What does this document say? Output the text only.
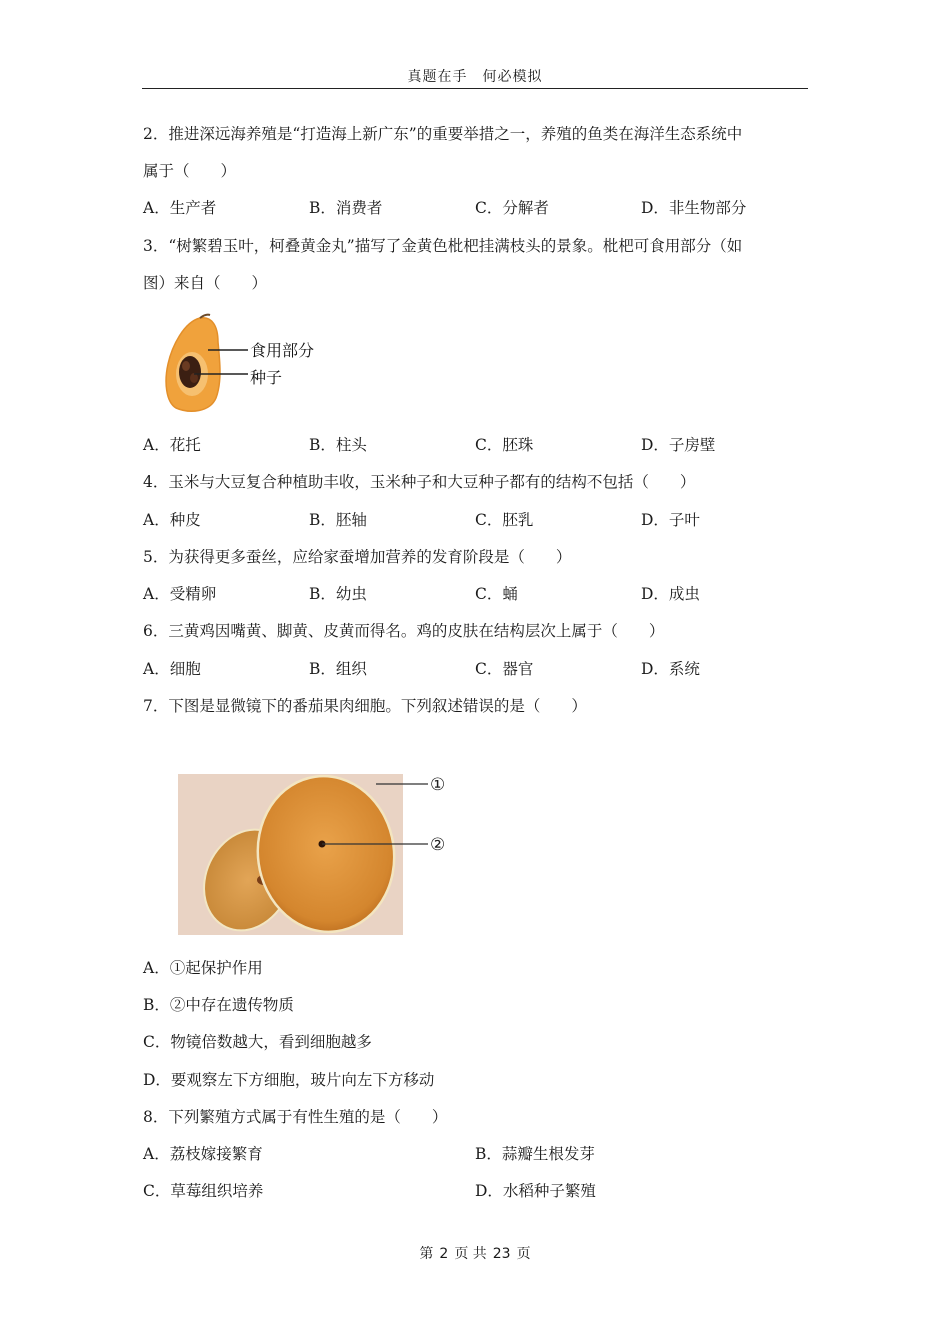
真题在手　何必模拟
2．推进深远海养殖是“打造海上新广东”的重要举措之一，养殖的鱼类在海洋生态系统中
属于（　　）
A．生产者	B．消费者	C．分解者	D．非生物部分
3．“树繁碧玉叶，柯叠黄金丸”描写了金黄色枇杷挂满枝头的景象。枇杷可食用部分（如
图）来自（　　）
食用部分
种子
A．花托	B．柱头	C．胚珠	D．子房壁
4．玉米与大豆复合种植助丰收，玉米种子和大豆种子都有的结构不包括（　　）
A．种皮	B．胚轴	C．胚乳	D．子叶
5．为获得更多蚕丝，应给家蚕增加营养的发育阶段是（　　）
A．受精卵	B．幼虫	C．蛹	D．成虫
6．三黄鸡因嘴黄、脚黄、皮黄而得名。鸡的皮肤在结构层次上属于（　　）
A．细胞	B．组织	C．器官	D．系统
7．下图是显微镜下的番茄果肉细胞。下列叙述错误的是（　　）
①
②
A．①起保护作用
B．②中存在遗传物质
C．物镜倍数越大，看到细胞越多
D．要观察左下方细胞，玻片向左下方移动
8．下列繁殖方式属于有性生殖的是（　　）
A．荔枝嫁接繁育	B．蒜瓣生根发芽
C．草莓组织培养	D．水稻种子繁殖
第 2 页 共 23 页
